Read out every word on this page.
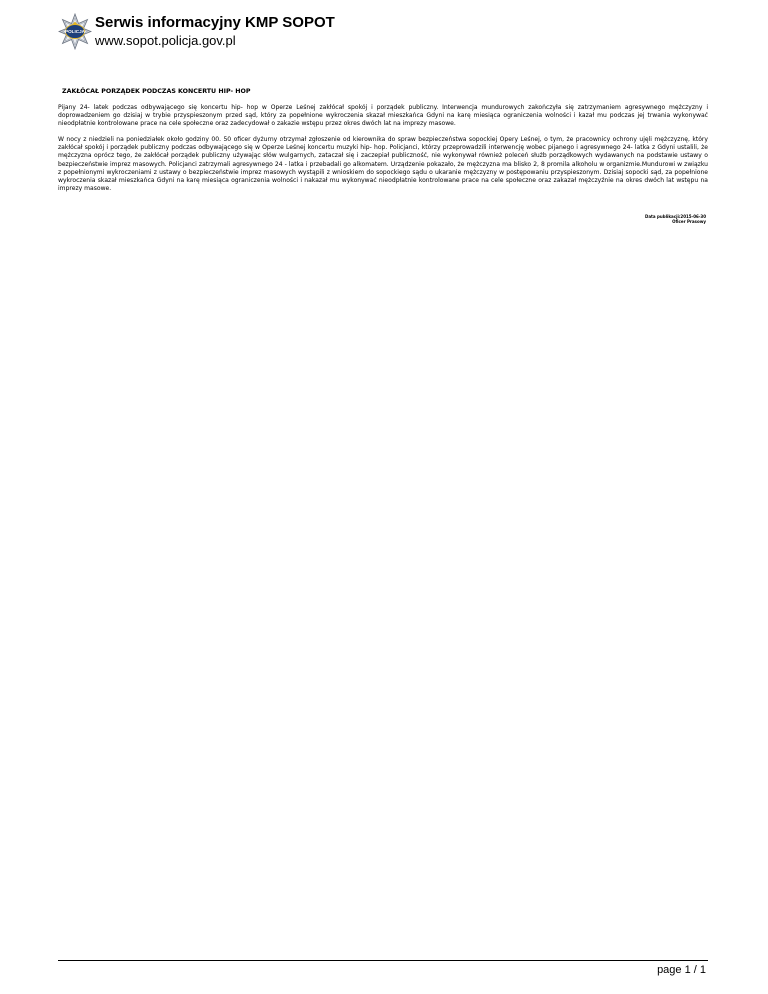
POLICJA
Serwis informacyjny KMP SOPOT
www.sopot.policja.gov.pl
ZAKŁÓCAŁ PORZĄDEK PODCZAS KONCERTU HIP- HOP

Pijany 24- latek podczas odbywającego się koncertu hip- hop w Operze Leśnej zakłócał spokój i porządek publiczny. Interwencja mundurowych zakończyła się zatrzymaniem agresywnego mężczyzny i doprowadzeniem go dzisiaj w trybie przyspieszonym przed sąd, który za popełnione wykroczenia skazał mieszkańca Gdyni na karę miesiąca ograniczenia wolności i kazał mu podczas jej trwania wykonywać nieodpłatnie kontrolowane prace na cele społeczne oraz zadecydował o zakazie wstępu przez okres dwóch lat na imprezy masowe.

W nocy z niedzieli na poniedziałek około godziny 00. 50 oficer dyżurny otrzymał zgłoszenie od kierownika do spraw bezpieczeństwa sopockiej Opery Leśnej, o tym, że pracownicy ochrony ujęli mężczyznę, który zakłócał spokój i porządek publiczny podczas odbywającego się w Operze Leśnej koncertu muzyki hip- hop. Policjanci, którzy przeprowadzili interwencję wobec pijanego i agresywnego 24- latka z Gdyni ustalili, że mężczyzna oprócz tego, że zakłócał porządek publiczny używając słów wulgarnych, zataczał się i zaczepiał publiczność, nie wykonywał również poleceń służb porządkowych wydawanych na podstawie ustawy o bezpieczeństwie imprez masowych. Policjanci zatrzymali agresywnego 24 - latka i przebadali go alkomatem. Urządzenie pokazało, że mężczyzna ma blisko 2, 8 promila alkoholu w organizmie.Mundurowi w związku z popełnionymi wykroczeniami z ustawy o bezpieczeństwie imprez masowych wystąpili z wnioskiem do sopockiego sądu o ukaranie mężczyzny w postępowaniu przyspieszonym. Dzisiaj sopocki sąd, za popełnione wykroczenia skazał mieszkańca Gdyni na karę miesiąca ograniczenia wolności i nakazał mu wykonywać nieodpłatnie kontrolowane prace na cele społeczne oraz zakazał mężczyźnie na okres dwóch lat wstępu na imprezy masowe.

Data publikacji:2015-06-30
Oficer Prasowy
page 1 / 1
